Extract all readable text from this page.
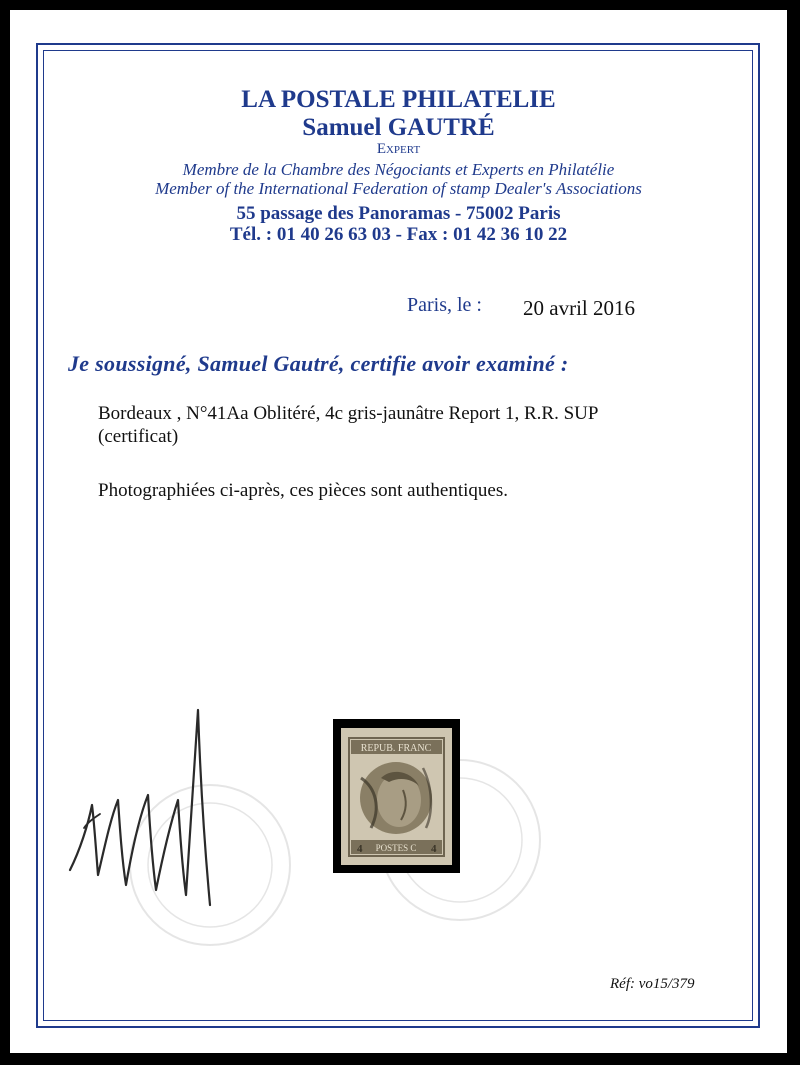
LA POSTALE PHILATELIE
Samuel GAUTRÉ
Expert
Membre de la Chambre des Négociants et Experts en Philatélie
Member of the International Federation of stamp Dealer's Associations
55 passage des Panoramas - 75002 Paris
Tél. : 01 40 26 63 03 - Fax : 01 42 36 10 22
Paris, le : 20 avril 2016
Je soussigné, Samuel Gautré, certifie avoir examiné :
Bordeaux , N°41Aa Oblitéré, 4c gris-jaunâtre Report 1, R.R. SUP
(certificat)
Photographiées ci-après, ces pièces sont authentiques.
REPUB. FRANC
POSTES C
4	4
Réf: vo15/379
